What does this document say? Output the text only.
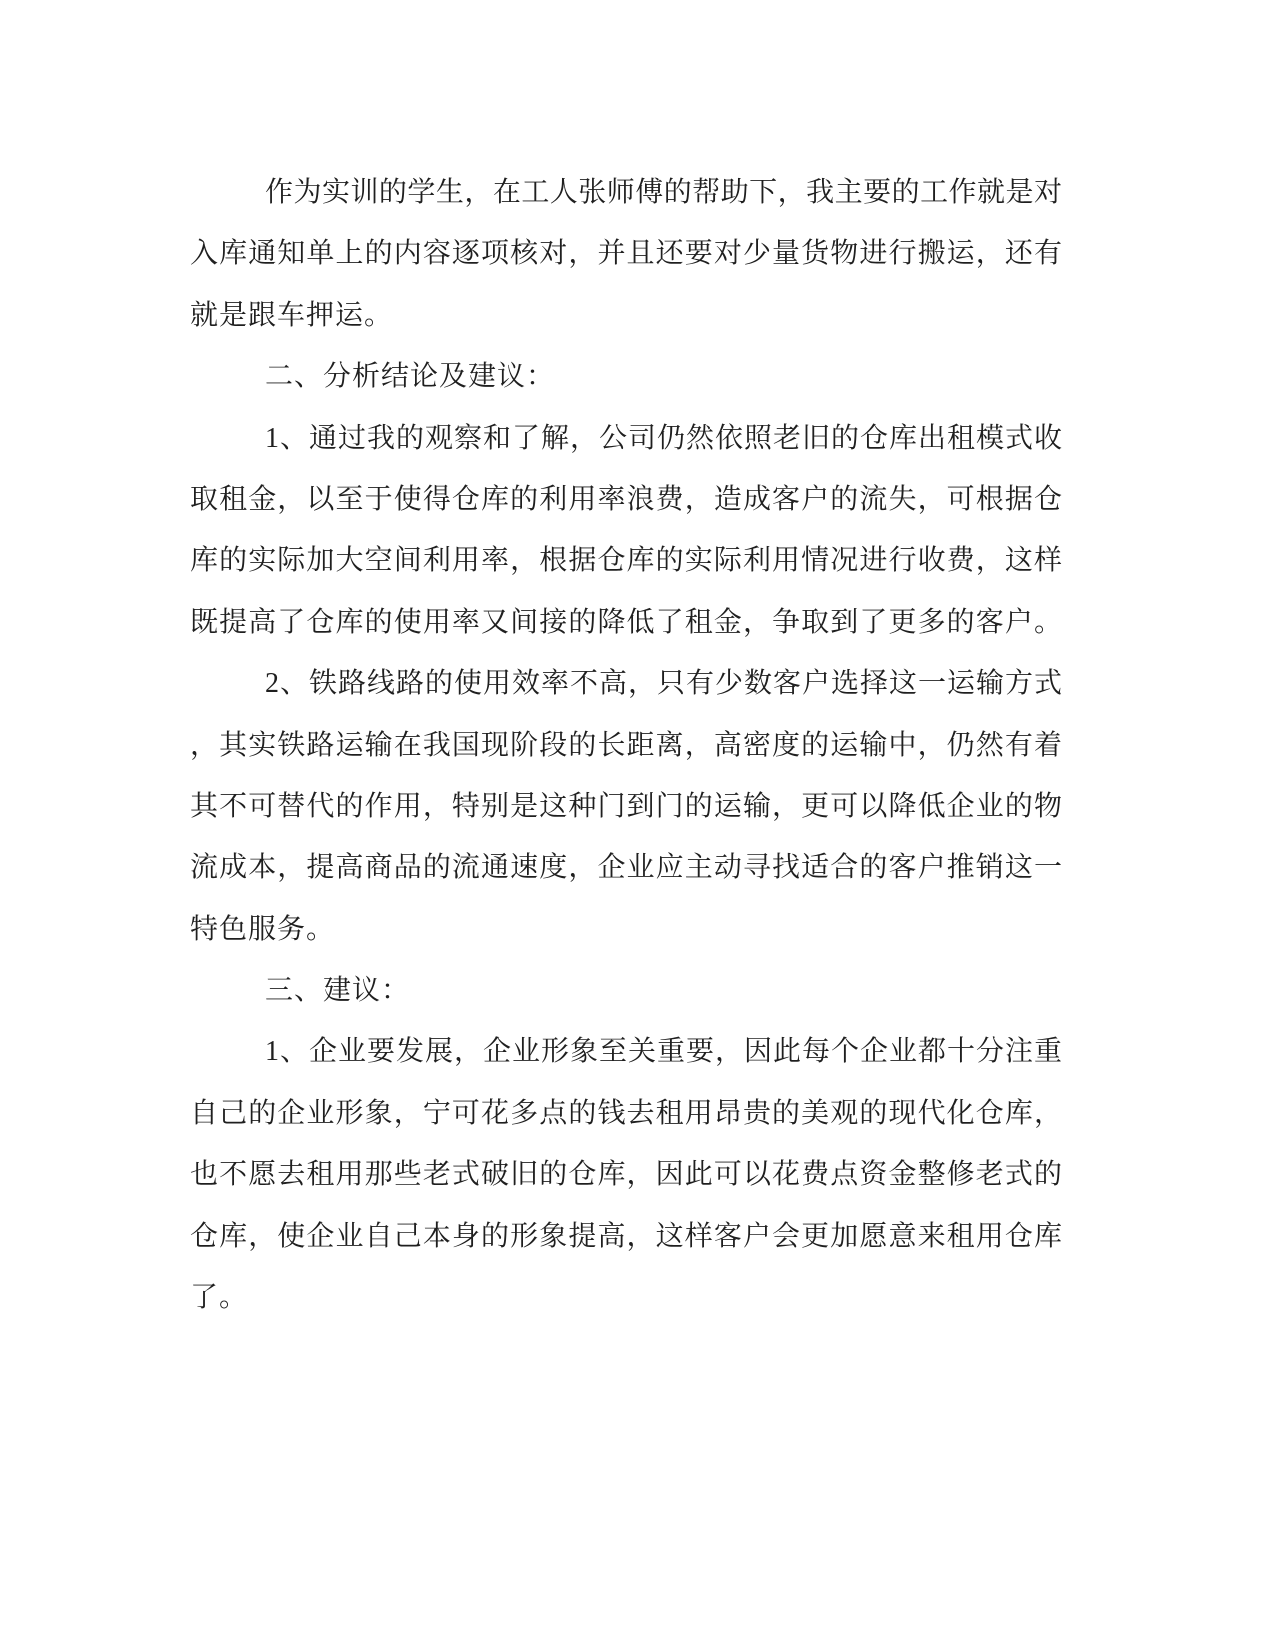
作为实训的学生，在工人张师傅的帮助下，我主要的工作就是对
入库通知单上的内容逐项核对，并且还要对少量货物进行搬运，还有
就是跟车押运。
二、分析结论及建议：
1、通过我的观察和了解，公司仍然依照老旧的仓库出租模式收
取租金，以至于使得仓库的利用率浪费，造成客户的流失，可根据仓
库的实际加大空间利用率，根据仓库的实际利用情况进行收费，这样
既提高了仓库的使用率又间接的降低了租金，争取到了更多的客户。
2、铁路线路的使用效率不高，只有少数客户选择这一运输方式
，其实铁路运输在我国现阶段的长距离，高密度的运输中，仍然有着
其不可替代的作用，特别是这种门到门的运输，更可以降低企业的物
流成本，提高商品的流通速度，企业应主动寻找适合的客户推销这一
特色服务。
三、建议：
1、企业要发展，企业形象至关重要，因此每个企业都十分注重
自己的企业形象，宁可花多点的钱去租用昂贵的美观的现代化仓库，
也不愿去租用那些老式破旧的仓库，因此可以花费点资金整修老式的
仓库，使企业自己本身的形象提高，这样客户会更加愿意来租用仓库
了。
